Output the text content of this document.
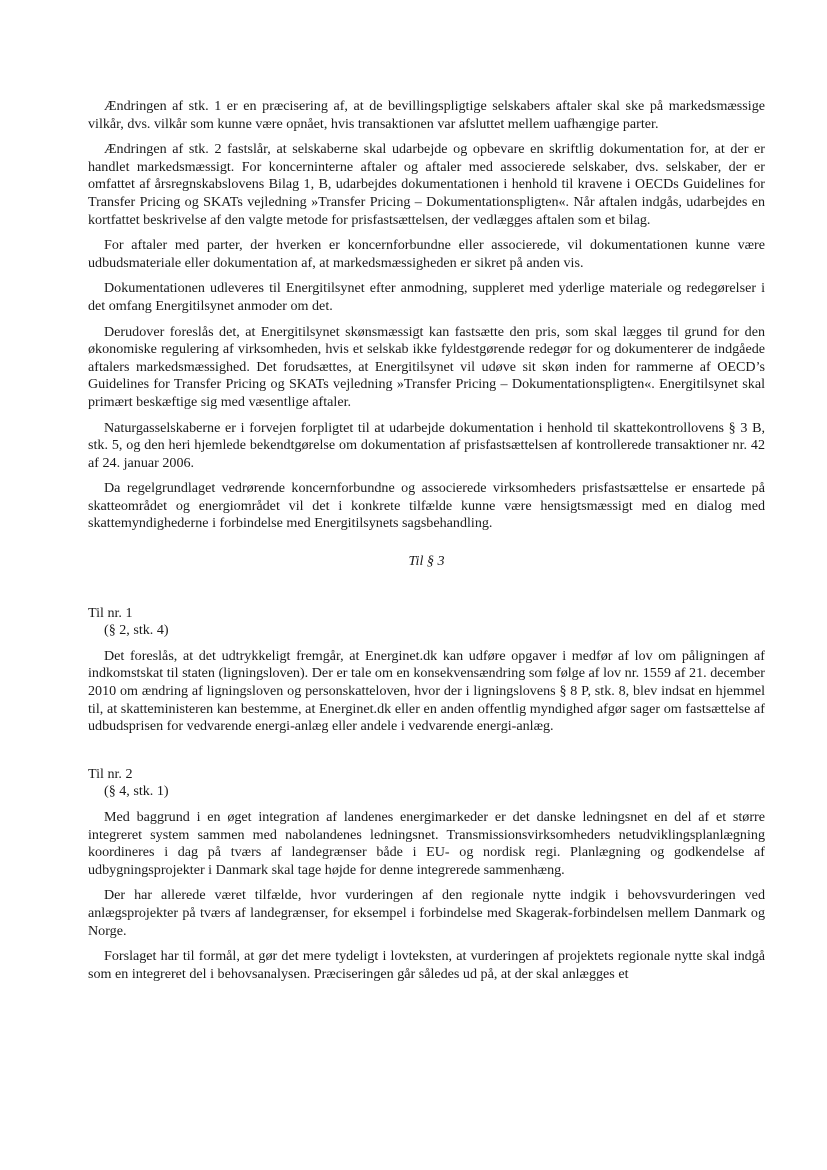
Ændringen af stk. 1 er en præcisering af, at de bevillingspligtige selskabers aftaler skal ske på markedsmæssige vilkår, dvs. vilkår som kunne være opnået, hvis transaktionen var afsluttet mellem uafhængige parter.

Ændringen af stk. 2 fastslår, at selskaberne skal udarbejde og opbevare en skriftlig dokumentation for, at der er handlet markedsmæssigt. For koncerninterne aftaler og aftaler med associerede selskaber, dvs. selskaber, der er omfattet af årsregnskabslovens Bilag 1, B, udarbejdes dokumentationen i henhold til kravene i OECDs Guidelines for Transfer Pricing og SKATs vejledning »Transfer Pricing – Dokumentationspligten«. Når aftalen indgås, udarbejdes en kortfattet beskrivelse af den valgte metode for prisfastsættelsen, der vedlægges aftalen som et bilag.

For aftaler med parter, der hverken er koncernforbundne eller associerede, vil dokumentationen kunne være udbudsmateriale eller dokumentation af, at markedsmæssigheden er sikret på anden vis.

Dokumentationen udleveres til Energitilsynet efter anmodning, suppleret med yderlige materiale og redegørelser i det omfang Energitilsynet anmoder om det.

Derudover foreslås det, at Energitilsynet skønsmæssigt kan fastsætte den pris, som skal lægges til grund for den økonomiske regulering af virksomheden, hvis et selskab ikke fyldestgørende redegør for og dokumenterer de indgåede aftalers markedsmæssighed. Det forudsættes, at Energitilsynet vil udøve sit skøn inden for rammerne af OECD’s Guidelines for Transfer Pricing og SKATs vejledning »Transfer Pricing – Dokumentationspligten«. Energitilsynet skal primært beskæftige sig med væsentlige aftaler.

Naturgasselskaberne er i forvejen forpligtet til at udarbejde dokumentation i henhold til skattekontrollovens § 3 B, stk. 5, og den heri hjemlede bekendtgørelse om dokumentation af prisfastsættelsen af kontrollerede transaktioner nr. 42 af 24. januar 2006.

Da regelgrundlaget vedrørende koncernforbundne og associerede virksomheders prisfastsættelse er ensartede på skatteområdet og energiområdet vil det i konkrete tilfælde kunne være hensigtsmæssigt med en dialog med skattemyndighederne i forbindelse med Energitilsynets sagsbehandling.

Til § 3

Til nr. 1

(§ 2, stk. 4)

Det foreslås, at det udtrykkeligt fremgår, at Energinet.dk kan udføre opgaver i medfør af lov om påligningen af indkomstskat til staten (ligningsloven). Der er tale om en konsekvensændring som følge af lov nr. 1559 af 21. december 2010 om ændring af ligningsloven og personskatteloven, hvor der i ligningslovens § 8 P, stk. 8, blev indsat en hjemmel til, at skatteministeren kan bestemme, at Energinet.dk eller en anden offentlig myndighed afgør sager om fastsættelse af udbudsprisen for vedvarende energi-anlæg eller andele i vedvarende energi-anlæg.

Til nr. 2

(§ 4, stk. 1)

Med baggrund i en øget integration af landenes energimarkeder er det danske ledningsnet en del af et større integreret system sammen med nabolandenes ledningsnet. Transmissionsvirksomheders netudviklingsplanlægning koordineres i dag på tværs af landegrænser både i EU- og nordisk regi. Planlægning og godkendelse af udbygningsprojekter i Danmark skal tage højde for denne integrerede sammenhæng.

Der har allerede været tilfælde, hvor vurderingen af den regionale nytte indgik i behovsvurderingen ved anlægsprojekter på tværs af landegrænser, for eksempel i forbindelse med Skagerak-forbindelsen mellem Danmark og Norge.

Forslaget har til formål, at gør det mere tydeligt i lovteksten, at vurderingen af projektets regionale nytte skal indgå som en integreret del i behovsanalysen. Præciseringen går således ud på, at der skal anlægges et
